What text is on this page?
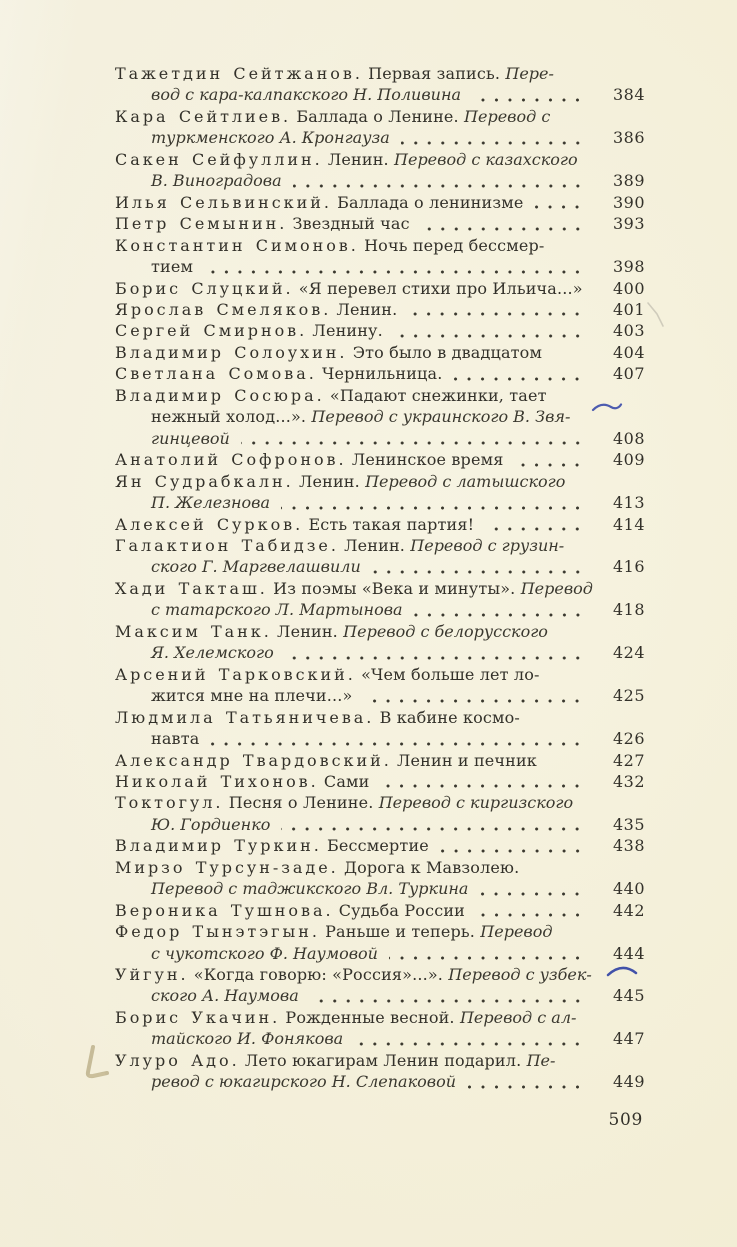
Тажетдин Сейтжанов. Первая запись. Пере-
вод с кара-калпакского Н. Поливина	384
Кара Сейтлиев. Баллада о Ленине. Перевод с
туркменского А. Кронгауза	386
Сакен Сейфуллин. Ленин. Перевод с казахского
В. Виноградова	389
Илья Сельвинский. Баллада о ленинизме	390
Петр Семынин. Звездный час	393
Константин Симонов. Ночь перед бессмер-
тием	398
Борис Слуцкий. «Я перевел стихи про Ильича...»	400
Ярослав Смеляков. Ленин.	401
Сергей Смирнов. Ленину.	403
Владимир Солоухин. Это было в двадцатом	404
Светлана Сомова. Чернильница.	407
Владимир Сосюра. «Падают снежинки, тает
нежный холод...». Перевод с украинского В. Звя-
гинцевой	408
Анатолий Софронов. Ленинское время	409
Ян Судрабкалн. Ленин. Перевод с латышского
П. Железнова	413
Алексей Сурков. Есть такая партия!	414
Галактион Табидзе. Ленин. Перевод с грузин-
ского Г. Маргвелашвили	416
Хади Такташ. Из поэмы «Века и минуты». Перевод
с татарского Л. Мартынова	418
Максим Танк. Ленин. Перевод с белорусского
Я. Хелемского	424
Арсений Тарковский. «Чем больше лет ло-
жится мне на плечи...»	425
Людмила Татьяничева. В кабине космо-
навта	426
Александр Твардовский. Ленин и печник	427
Николай Тихонов. Сами	432
Токтогул. Песня о Ленине. Перевод с киргизского
Ю. Гордиенко	435
Владимир Туркин. Бессмертие	438
Мирзо Турсун-заде. Дорога к Мавзолею.
Перевод с таджикского Вл. Туркина	440
Вероника Тушнова. Судьба России	442
Федор Тынэтэгын. Раньше и теперь. Перевод
с чукотского Ф. Наумовой	444
Уйгун. «Когда говорю: «Россия»...». Перевод с узбек-
ского А. Наумова	445
Борис Укачин. Рожденные весной. Перевод с ал-
тайского И. Фонякова	447
Улуро Адо. Лето юкагирам Ленин подарил. Пе-
ревод с юкагирского Н. Слепаковой	449
509
